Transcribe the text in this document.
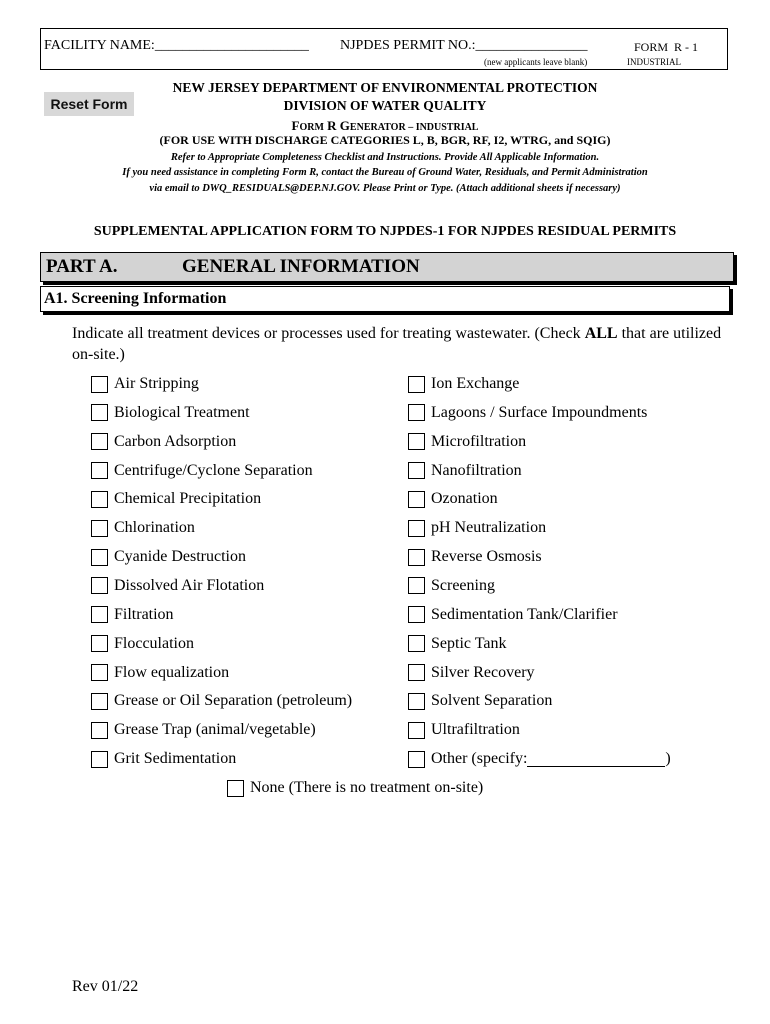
FACILITY NAME:______________________ NJPDES PERMIT NO.:________________
(new applicants leave blank)
FORM  R - 1
INDUSTRIAL
Reset Form
NEW JERSEY DEPARTMENT OF ENVIRONMENTAL PROTECTION
DIVISION OF WATER QUALITY
FORM R GENERATOR – INDUSTRIAL
(FOR USE WITH DISCHARGE CATEGORIES L, B, BGR, RF, I2, WTRG, and SQIG)
Refer to Appropriate Completeness Checklist and Instructions. Provide All Applicable Information.
If you need assistance in completing Form R, contact the Bureau of Ground Water, Residuals, and Permit Administration
via email to DWQ_RESIDUALS@DEP.NJ.GOV. Please Print or Type. (Attach additional sheets if necessary)
SUPPLEMENTAL APPLICATION FORM TO NJPDES-1 FOR NJPDES RESIDUAL PERMITS
PART A.	GENERAL INFORMATION
A1. Screening Information
Indicate all treatment devices or processes used for treating wastewater. (Check ALL that are utilized on-site.)
Air Stripping
Biological Treatment
Carbon Adsorption
Centrifuge/Cyclone Separation
Chemical Precipitation
Chlorination
Cyanide Destruction
Dissolved Air Flotation
Filtration
Flocculation
Flow equalization
Grease or Oil Separation (petroleum)
Grease Trap (animal/vegetable)
Grit Sedimentation
Ion Exchange
Lagoons / Surface Impoundments
Microfiltration
Nanofiltration
Ozonation
pH Neutralization
Reverse Osmosis
Screening
Sedimentation Tank/Clarifier
Septic Tank
Silver Recovery
Solvent Separation
Ultrafiltration
Other (specify:	)
None (There is no treatment on-site)
Rev 01/22
